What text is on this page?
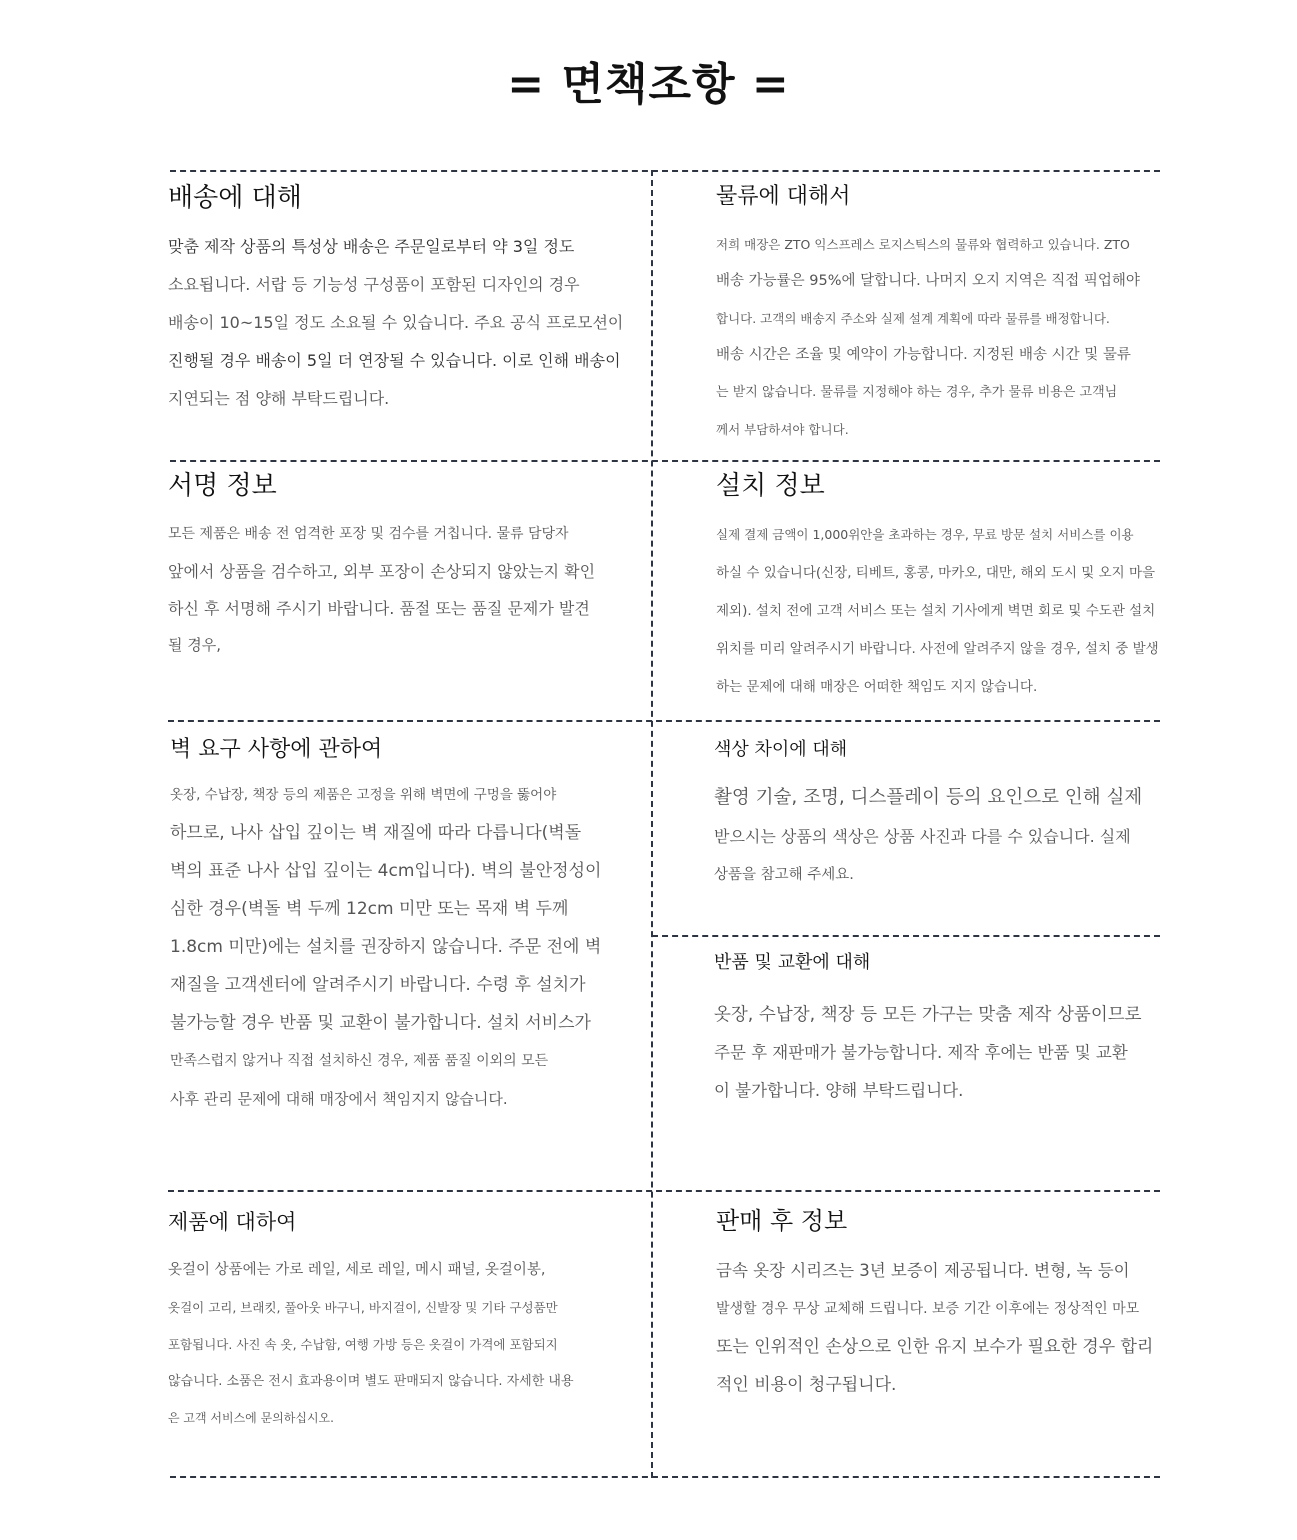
= 면책조항 =
배송에 대해
맞춤 제작 상품의 특성상 배송은 주문일로부터 약 3일 정도
소요됩니다. 서랍 등 기능성 구성품이 포함된 디자인의 경우
배송이 10~15일 정도 소요될 수 있습니다. 주요 공식 프로모션이
진행될 경우 배송이 5일 더 연장될 수 있습니다. 이로 인해 배송이
지연되는 점 양해 부탁드립니다.
물류에 대해서
저희 매장은 ZTO 익스프레스 로지스틱스의 물류와 협력하고 있습니다. ZTO
배송 가능률은 95%에 달합니다. 나머지 오지 지역은 직접 픽업해야
합니다. 고객의 배송지 주소와 실제 설계 계획에 따라 물류를 배정합니다.
배송 시간은 조율 및 예약이 가능합니다. 지정된 배송 시간 및 물류
는 받지 않습니다. 물류를 지정해야 하는 경우, 추가 물류 비용은 고객님
께서 부담하셔야 합니다.
서명 정보
모든 제품은 배송 전 엄격한 포장 및 검수를 거칩니다. 물류 담당자
앞에서 상품을 검수하고, 외부 포장이 손상되지 않았는지 확인
하신 후 서명해 주시기 바랍니다. 품절 또는 품질 문제가 발견
될 경우,
설치 정보
실제 결제 금액이 1,000위안을 초과하는 경우, 무료 방문 설치 서비스를 이용
하실 수 있습니다(신장, 티베트, 홍콩, 마카오, 대만, 해외 도시 및 오지 마을
제외). 설치 전에 고객 서비스 또는 설치 기사에게 벽면 회로 및 수도관 설치
위치를 미리 알려주시기 바랍니다. 사전에 알려주지 않을 경우, 설치 중 발생
하는 문제에 대해 매장은 어떠한 책임도 지지 않습니다.
벽 요구 사항에 관하여
옷장, 수납장, 책장 등의 제품은 고정을 위해 벽면에 구멍을 뚫어야
하므로, 나사 삽입 깊이는 벽 재질에 따라 다릅니다(벽돌
벽의 표준 나사 삽입 깊이는 4cm입니다). 벽의 불안정성이
심한 경우(벽돌 벽 두께 12cm 미만 또는 목재 벽 두께
1.8cm 미만)에는 설치를 권장하지 않습니다. 주문 전에 벽
재질을 고객센터에 알려주시기 바랍니다. 수령 후 설치가
불가능할 경우 반품 및 교환이 불가합니다. 설치 서비스가
만족스럽지 않거나 직접 설치하신 경우, 제품 품질 이외의 모든
사후 관리 문제에 대해 매장에서 책임지지 않습니다.
색상 차이에 대해
촬영 기술, 조명, 디스플레이 등의 요인으로 인해 실제
받으시는 상품의 색상은 상품 사진과 다를 수 있습니다. 실제
상품을 참고해 주세요.
반품 및 교환에 대해
옷장, 수납장, 책장 등 모든 가구는 맞춤 제작 상품이므로
주문 후 재판매가 불가능합니다. 제작 후에는 반품 및 교환
이 불가합니다. 양해 부탁드립니다.
제품에 대하여
옷걸이 상품에는 가로 레일, 세로 레일, 메시 패널, 옷걸이봉,
옷걸이 고리, 브래킷, 풀아웃 바구니, 바지걸이, 신발장 및 기타 구성품만
포함됩니다. 사진 속 옷, 수납함, 여행 가방 등은 옷걸이 가격에 포함되지
않습니다. 소품은 전시 효과용이며 별도 판매되지 않습니다. 자세한 내용
은 고객 서비스에 문의하십시오.
판매 후 정보
금속 옷장 시리즈는 3년 보증이 제공됩니다. 변형, 녹 등이
발생할 경우 무상 교체해 드립니다. 보증 기간 이후에는 정상적인 마모
또는 인위적인 손상으로 인한 유지 보수가 필요한 경우 합리
적인 비용이 청구됩니다.
